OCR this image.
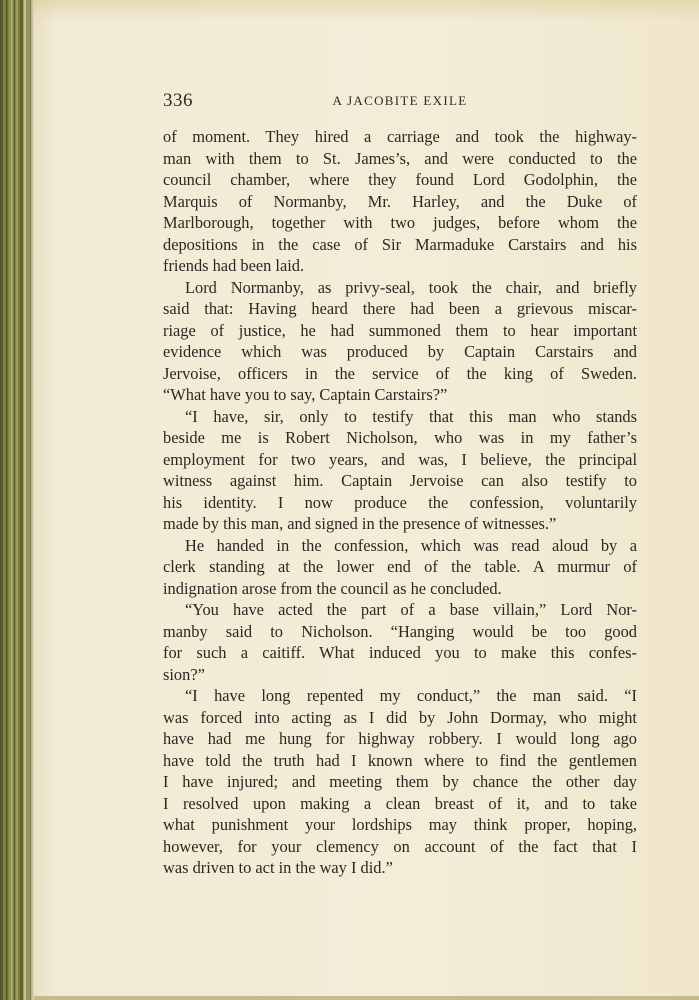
336	A JACOBITE EXILE
of moment. They hired a carriage and took the highway-
man with them to St. James’s, and were conducted to the
council chamber, where they found Lord Godolphin, the
Marquis of Normanby, Mr. Harley, and the Duke of
Marlborough, together with two judges, before whom the
depositions in the case of Sir Marmaduke Carstairs and his
friends had been laid.
Lord Normanby, as privy-seal, took the chair, and briefly
said that: Having heard there had been a grievous miscar-
riage of justice, he had summoned them to hear important
evidence which was produced by Captain Carstairs and
Jervoise, officers in the service of the king of Sweden.
“What have you to say, Captain Carstairs?”
“I have, sir, only to testify that this man who stands
beside me is Robert Nicholson, who was in my father’s
employment for two years, and was, I believe, the principal
witness against him. Captain Jervoise can also testify to
his identity. I now produce the confession, voluntarily
made by this man, and signed in the presence of witnesses.”
He handed in the confession, which was read aloud by a
clerk standing at the lower end of the table. A murmur of
indignation arose from the council as he concluded.
“You have acted the part of a base villain,” Lord Nor-
manby said to Nicholson. “Hanging would be too good
for such a caitiff. What induced you to make this confes-
sion?”
“I have long repented my conduct,” the man said. “I
was forced into acting as I did by John Dormay, who might
have had me hung for highway robbery. I would long ago
have told the truth had I known where to find the gentlemen
I have injured; and meeting them by chance the other day
I resolved upon making a clean breast of it, and to take
what punishment your lordships may think proper, hoping,
however, for your clemency on account of the fact that I
was driven to act in the way I did.”
